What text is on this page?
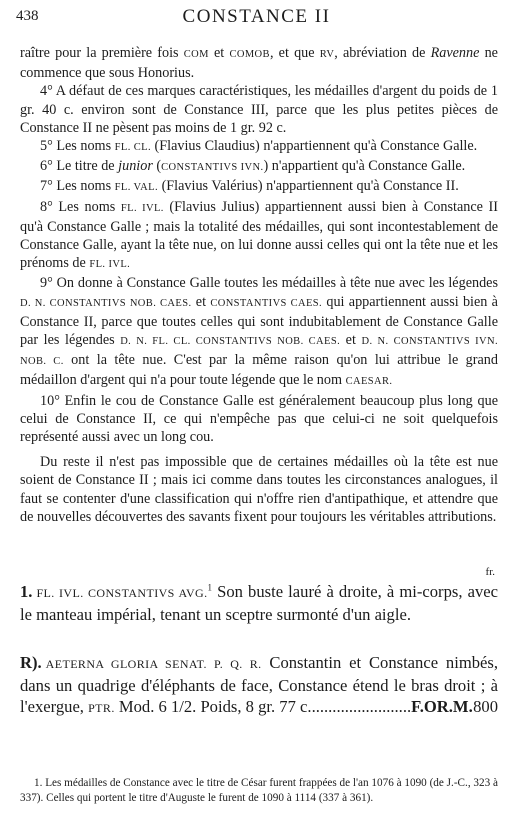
438	CONSTANCE II

raître pour la première fois COM et COMOB, et que RV, abréviation de Ravenne ne commence que sous Honorius.

4° A défaut de ces marques caractéristiques, les médailles d'argent du poids de 1 gr. 40 c. environ sont de Constance III, parce que les plus petites pièces de Constance II ne pèsent pas moins de 1 gr. 92 c.

5° Les noms FL. CL. (Flavius Claudius) n'appartiennent qu'à Constance Galle.

6° Le titre de junior (CONSTANTIVS IVN.) n'appartient qu'à Constance Galle.

7° Les noms FL. VAL. (Flavius Valérius) n'appartiennent qu'à Constance II.

8° Les noms FL. IVL. (Flavius Julius) appartiennent aussi bien à Constance II qu'à Constance Galle ; mais la totalité des médailles, qui sont incontestablement de Constance Galle, ayant la tête nue, on lui donne aussi celles qui ont la tête nue et les prénoms de FL. IVL.

9° On donne à Constance Galle toutes les médailles à tête nue avec les légendes D. N. CONSTANTIVS NOB. CAES. et CONSTANTIVS CAES. qui appartiennent aussi bien à Constance II, parce que toutes celles qui sont indubitablement de Constance Galle par les légendes D. N. FL. CL. CONSTANTIVS NOB. CAES. et D. N. CONSTANTIVS IVN. NOB. C. ont la tête nue. C'est par la même raison qu'on lui attribue le grand médaillon d'argent qui n'a pour toute légende que le nom CAESAR.

10° Enfin le cou de Constance Galle est généralement beaucoup plus long que celui de Constance II, ce qui n'empêche pas que celui-ci ne soit quelquefois représenté aussi avec un long cou.

Du reste il n'est pas impossible que de certaines médailles où la tête est nue soient de Constance II ; mais ici comme dans toutes les circonstances analogues, il faut se contenter d'une classification qui n'offre rien d'antipathique, et attendre que de nouvelles découvertes des savants fixent pour toujours les véritables attributions.

fr.
1. FL. IVL. CONSTANTIVS AVG.$^1$ Son buste lauré à droite, à mi-corps, avec le manteau impérial, tenant un sceptre surmonté d'un aigle.
R). AETERNA GLORIA SENAT. P. Q. R. Constantin et Constance nimbés, dans un quadrige d'éléphants de face, Constance étend le bras droit ; à l'exergue, PTR. Mod. 6 1/2. Poids, 8 gr. 77 c.........................F.OR.M. 800

1. Les médailles de Constance avec le titre de César furent frappées de l'an 1076 à 1090 (de J.-C., 323 à 337). Celles qui portent le titre d'Auguste le furent de 1090 à 1114 (337 à 361).
